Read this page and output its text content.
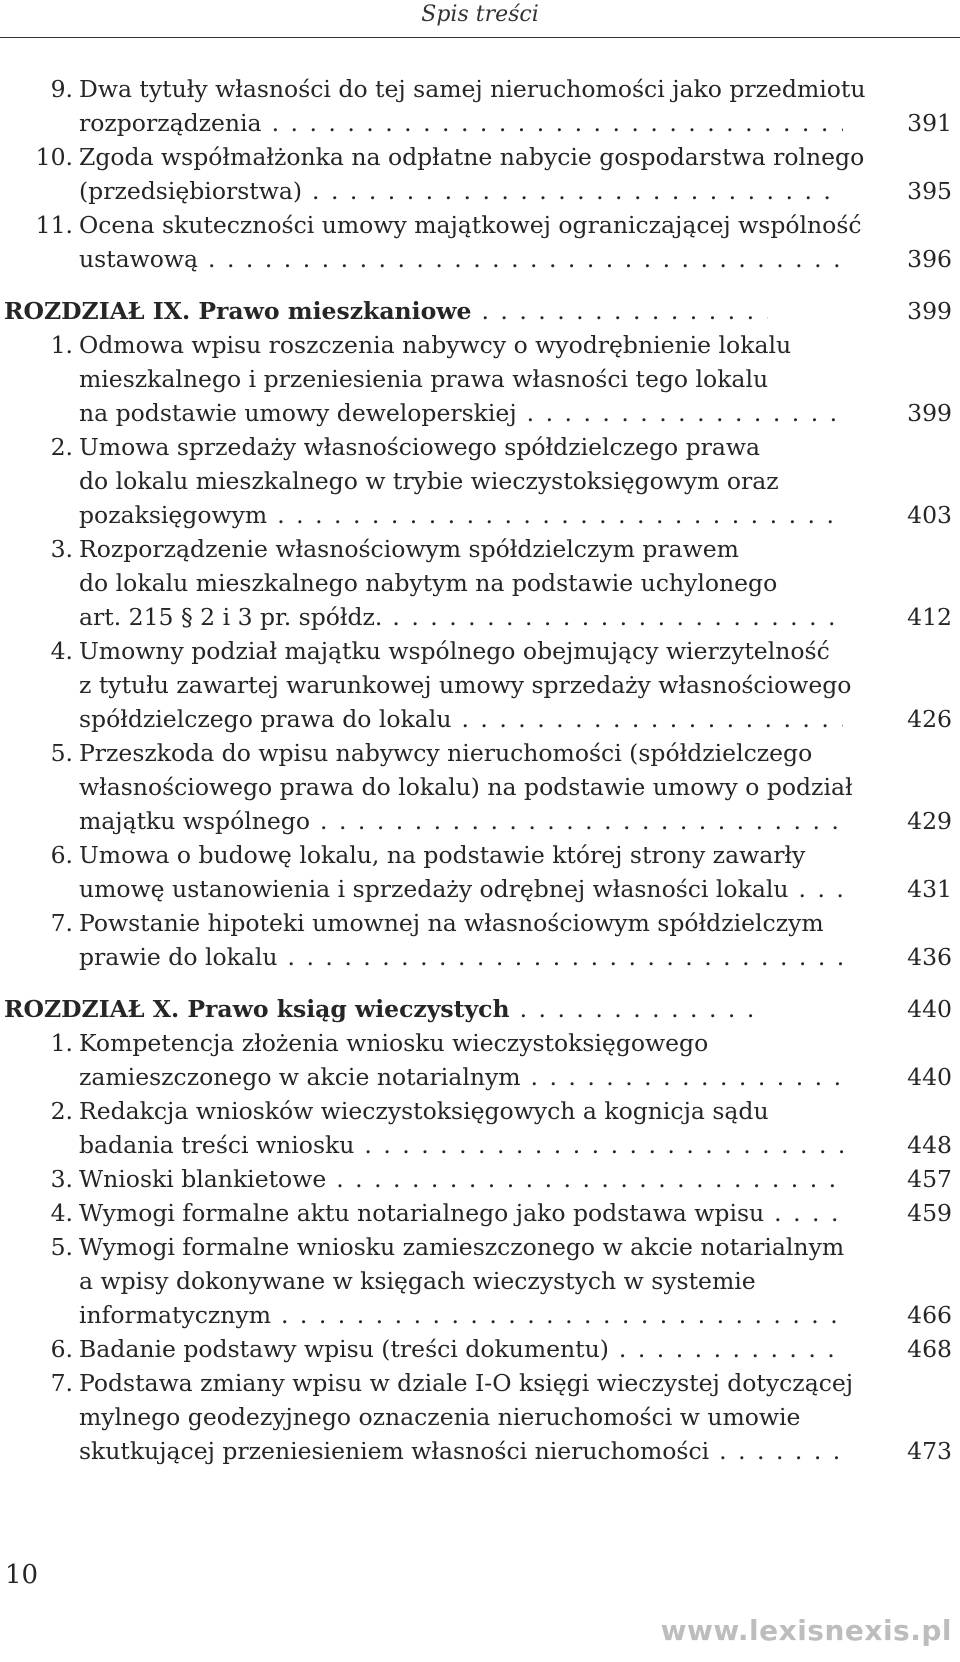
Spis treści
9. Dwa tytuły własności do tej samej nieruchomości jako przedmiotu
rozporządzenia . . .	391
10. Zgoda współmałżonka na odpłatne nabycie gospodarstwa rolnego
(przedsiębiorstwa) . . .	395
11. Ocena skuteczności umowy majątkowej ograniczającej wspólność
ustawową . . .	396
ROZDZIAŁ IX. Prawo mieszkaniowe . . .	399
1. Odmowa wpisu roszczenia nabywcy o wyodrębnienie lokalu
mieszkalnego i przeniesienia prawa własności tego lokalu
na podstawie umowy deweloperskiej . . .	399
2. Umowa sprzedaży własnościowego spółdzielczego prawa
do lokalu mieszkalnego w trybie wieczystoksięgowym oraz
pozaksięgowym . . .	403
3. Rozporządzenie własnościowym spółdzielczym prawem
do lokalu mieszkalnego nabytym na podstawie uchylonego
art. 215 § 2 i 3 pr. spółdz. . . .	412
4. Umowny podział majątku wspólnego obejmujący wierzytelność
z tytułu zawartej warunkowej umowy sprzedaży własnościowego
spółdzielczego prawa do lokalu . . .	426
5. Przeszkoda do wpisu nabywcy nieruchomości (spółdzielczego
własnościowego prawa do lokalu) na podstawie umowy o podział
majątku wspólnego . . .	429
6. Umowa o budowę lokalu, na podstawie której strony zawarły
umowę ustanowienia i sprzedaży odrębnej własności lokalu . . .	431
7. Powstanie hipoteki umownej na własnościowym spółdzielczym
prawie do lokalu . . .	436
ROZDZIAŁ X. Prawo ksiąg wieczystych . . .	440
1. Kompetencja złożenia wniosku wieczystoksięgowego
zamieszczonego w akcie notarialnym . . .	440
2. Redakcja wniosków wieczystoksięgowych a kognicja sądu
badania treści wniosku . . .	448
3. Wnioski blankietowe . . .	457
4. Wymogi formalne aktu notarialnego jako podstawa wpisu . . .	459
5. Wymogi formalne wniosku zamieszczonego w akcie notarialnym
a wpisy dokonywane w księgach wieczystych w systemie
informatycznym . . .	466
6. Badanie podstawy wpisu (treści dokumentu) . . .	468
7. Podstawa zmiany wpisu w dziale I-O księgi wieczystej dotyczącej
mylnego geodezyjnego oznaczenia nieruchomości w umowie
skutkującej przeniesieniem własności nieruchomości . . .	473
10
www.lexisnexis.pl
